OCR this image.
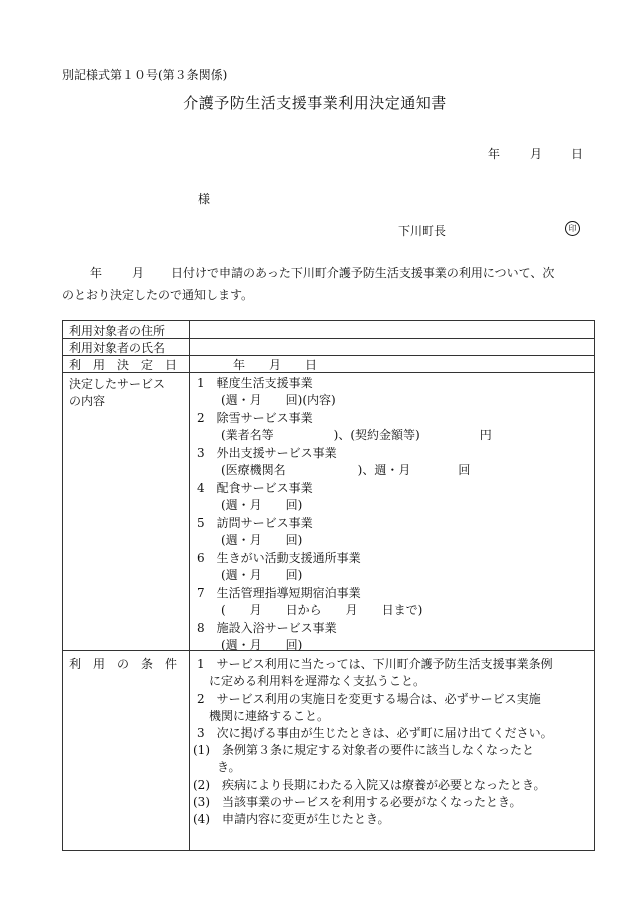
別記様式第１０号(第３条関係)
介護予防生活支援事業利用決定通知書
年 月 日
様
下川町長	印
年 月 日付けで申請のあった下川町介護予防生活支援事業の利用について、次
のとおり決定したので通知します。
利用対象者の住所
利用対象者の氏名
利　用　決　定　日	年　　月　　日
決定したサービス
の内容
1　軽度生活支援事業
　　(週・月　　回)(内容)
2　除雪サービス事業
　　(業者名等　　　　　)、(契約金額等)　　　　　円
3　外出支援サービス事業
　　(医療機関名　　　　　　)、週・月　　　　回
4　配食サービス事業
　　(週・月　　回)
5　訪問サービス事業
　　(週・月　　回)
6　生きがい活動支援通所事業
　　(週・月　　回)
7　生活管理指導短期宿泊事業
　　(　　月　　日から　　月　　日まで)
8　施設入浴サービス事業
　　(週・月　　回)
利　用　の　条　件 1　サービス利用に当たっては、下川町介護予防生活支援事業条例
　に定める利用料を遅滞なく支払うこと。
2　サービス利用の実施日を変更する場合は、必ずサービス実施
　機関に連絡すること。
3　次に掲げる事由が生じたときは、必ず町に届け出てください。
(1)　条例第３条に規定する対象者の要件に該当しなくなったと
　　き。
(2)　疾病により長期にわたる入院又は療養が必要となったとき。
(3)　当該事業のサービスを利用する必要がなくなったとき。
(4)　申請内容に変更が生じたとき。
